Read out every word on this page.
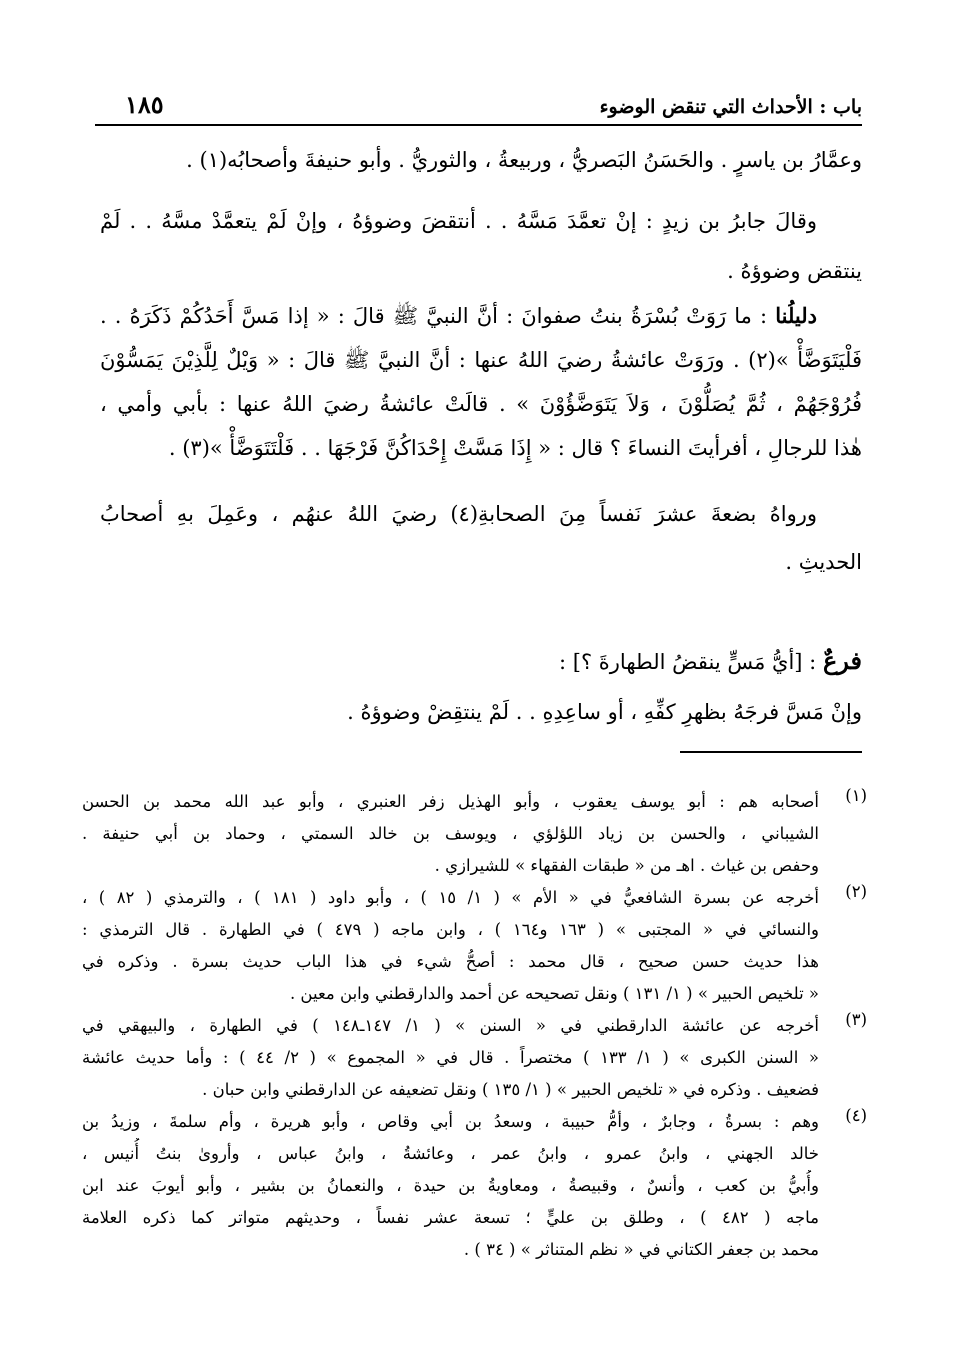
باب : الأحداث التي تنقض الوضوء
١٨٥

وعمَّارُ بن ياسرٍ . والحَسَنُ البَصريُّ ، وربيعةُ ، والثوريُّ . وأبو حنيفةَ وأصحابُه(١) .

وقالَ جابرُ بن زيدٍ : إنْ تعمَّدَ مَسَّهُ . . أنتقضَ وضوؤهُ ، وإنْ لَمْ يتعمَّدْ مسَّهُ . . لَمْ
ينتقض وضوؤهُ .

دليلُنا : ما رَوَتْ بُسْرَةُ بنتُ صفوانَ : أنَّ النبيَّ ﷺ قالَ : « إذا مَسَّ أَحَدُكُمْ ذَكَرَهُ . .
فَلْيَتَوَضَّأْ »(٢) . ورَوَتْ عائشةُ رضيَ اللهُ عنها : أنَّ النبيَّ ﷺ قالَ : « وَيْلٌ لِلَّذِيْنَ يَمَسُّوْنَ
فُرُوْجَهُمْ ، ثُمَّ يُصَلُّوْنَ ، وَلاَ يَتَوَضَّؤُوْنَ » . قالَتْ عائشةُ رضيَ اللهُ عنها : بأبي وأمي ،
هٰذا للرجالِ ، أفرأيتَ النساءَ ؟ قال : « إِذَا مَسَّتْ إِحْدَاكُنَّ فَرْجَهَا . . فَلْتَتَوَضَّأْ »(٣) .

ورواهُ بضعةَ عشرَ نَفساً مِنَ الصحابةِ(٤) رضيَ اللهُ عنهُم ، وعَمِلَ بهِ أصحابُ
الحديثِ .

فرعٌ : [أيُّ مَسٍّ ينقضُ الطهارةَ ؟] :
وإنْ مَسَّ فرجَهُ بظهرِ كفِّهِ ، أو ساعِدِهِ . . لَمْ ينتقِضْ وضوؤهُ .

(١)
أصحابه هم : أبو يوسف يعقوب ، وأبو الهذيل زفر العنبري ، وأبو عبد الله محمد بن الحسن
الشيباني ، والحسن بن زياد اللؤلؤي ، ويوسف بن خالد السمتي ، وحماد بن أبي حنيفة .
وحفص بن غياث . اهـ من « طبقات الفقهاء » للشيرازي .
(٢)
أخرجه عن بسرة الشافعيُّ في « الأم » ( ١/ ١٥ ) ، وأبو داود ( ١٨١ ) ، والترمذي ( ٨٢ ) ،
والنسائي في « المجتبى » ( ١٦٣ و١٦٤ ) ، وابن ماجه ( ٤٧٩ ) في الطهارة . قال الترمذي :
هذا حديث حسن صحيح ، قال محمد : أصحُّ شيء في هذا الباب حديث بسرة . وذكره في
« تلخيص الحبير » ( ١/ ١٣١ ) ونقل تصحيحه عن أحمد والدارقطني وابن معين .
(٣)
أخرجه عن عائشة الدارقطني في « السنن » ( ١/ ١٤٧ـ١٤٨ ) في الطهارة ، والبيهقي في
« السنن الكبرى » ( ١/ ١٣٣ ) مختصراً . قال في « المجموع » ( ٢/ ٤٤ ) : وأما حديث عائشة
فضعيف . وذكره في « تلخيص الحبير » ( ١/ ١٣٥ ) ونقل تضعيفه عن الدارقطني وابن حبان .
(٤)
وهم : بسرةُ ، وجابرٌ ، وأمُّ حبيبة ، وسعدُ بن أبي وقاص ، وأبو هريرة ، وأم سلمةَ ، وزيدُ بن
خالد الجهني ، وابنُ عمرو ، وابنُ عمر ، وعائشةُ ، وابنُ عباس ، وأروىٰ بنتُ أُنيس ،
وأُبيُّ بن كعب ، وأنسٌ ، وقبيصةُ ، ومعاويةُ بن حيدة ، والنعمانُ بن بشير ، وأبو أيوبَ عند ابن
ماجه ( ٤٨٢ ) ، وطلق بن عليٍّ ؛ تسعة عشر نفساً ، وحديثهم متواتر كما ذكره العلامة
محمد بن جعفر الكتاني في « نظم المتناثر » ( ٣٤ ) .
